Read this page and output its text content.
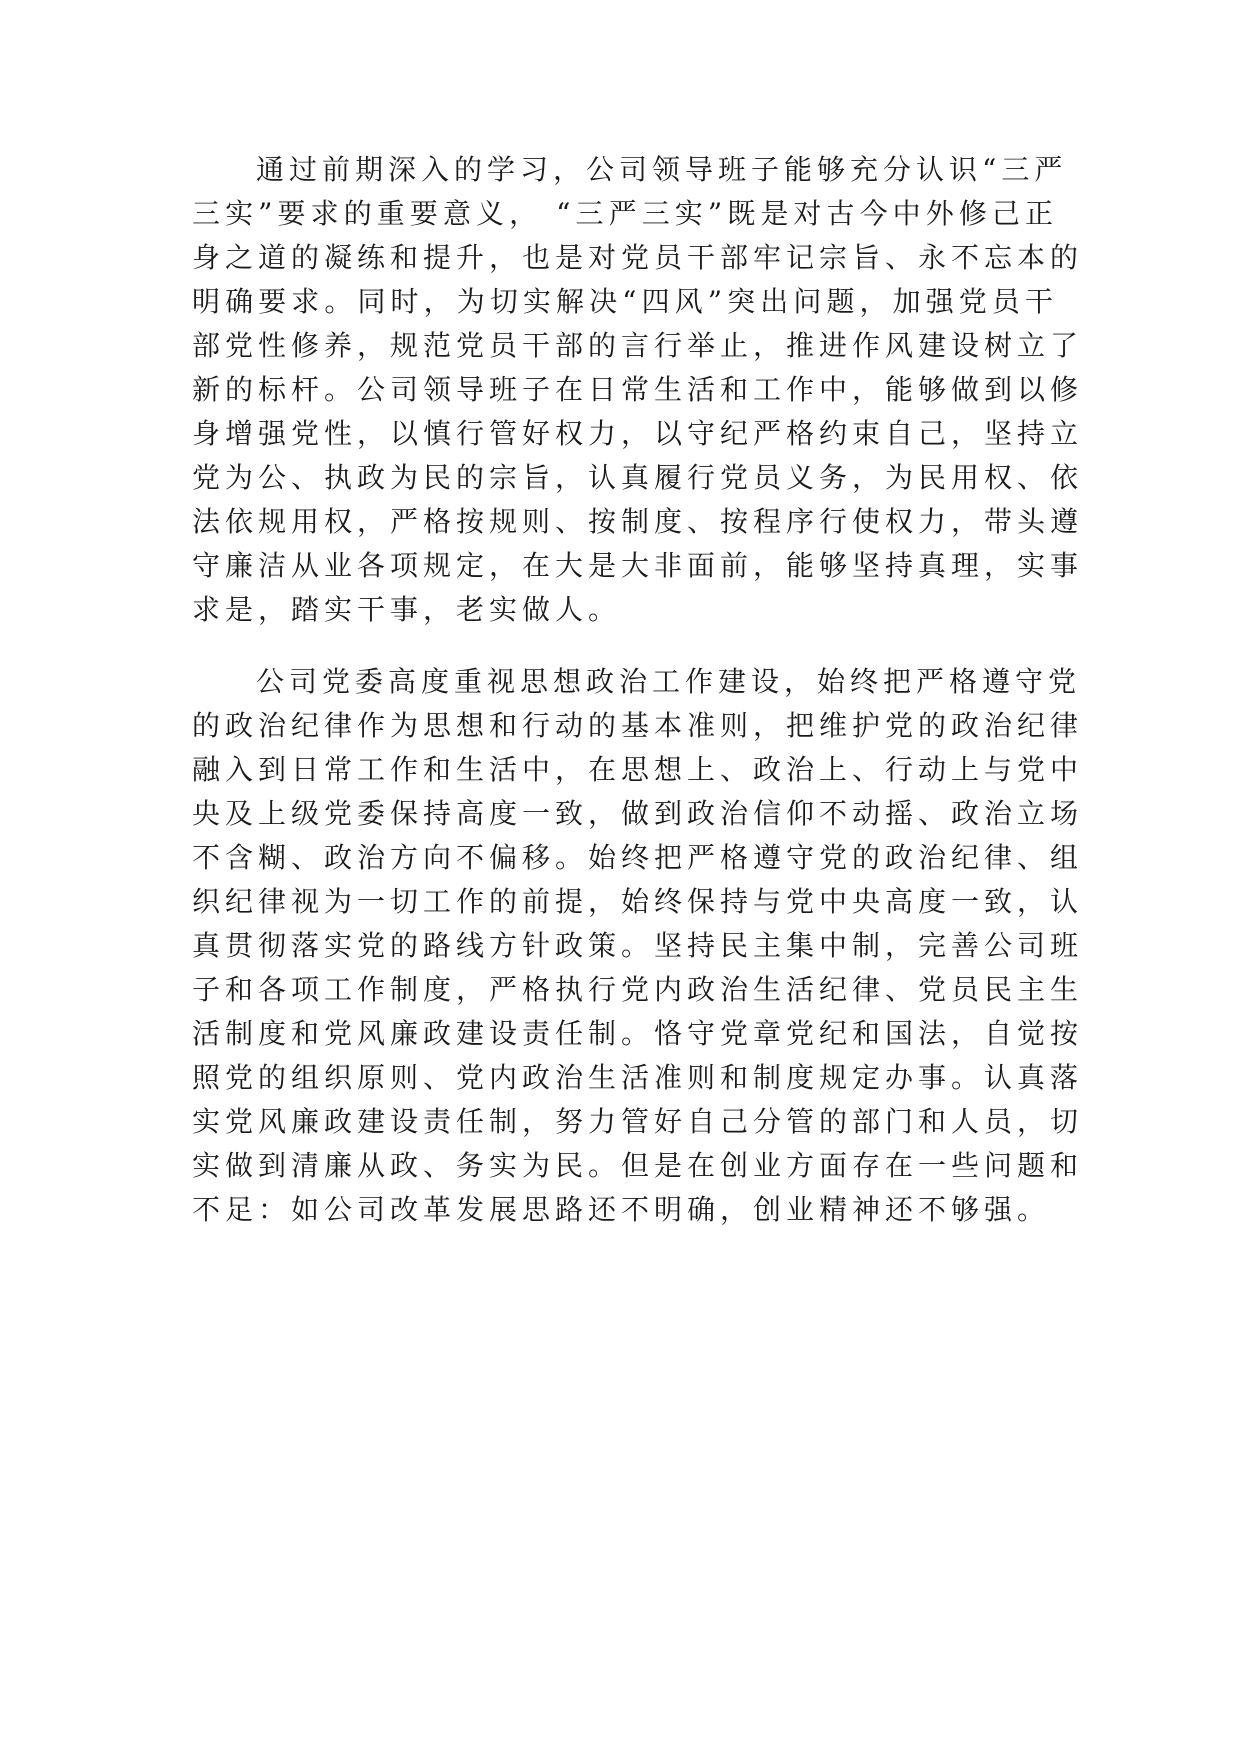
通过前期深入的学习，公司领导班子能够充分认识“三严
三实”要求的重要意义， “三严三实”既是对古今中外修己正
身之道的凝练和提升，也是对党员干部牢记宗旨、永不忘本的
明确要求。同时，为切实解决“四风”突出问题，加强党员干
部党性修养，规范党员干部的言行举止，推进作风建设树立了
新的标杆。公司领导班子在日常生活和工作中，能够做到以修
身增强党性，以慎行管好权力，以守纪严格约束自己，坚持立
党为公、执政为民的宗旨，认真履行党员义务，为民用权、依
法依规用权，严格按规则、按制度、按程序行使权力，带头遵
守廉洁从业各项规定，在大是大非面前，能够坚持真理，实事
求是，踏实干事，老实做人。
公司党委高度重视思想政治工作建设，始终把严格遵守党
的政治纪律作为思想和行动的基本准则，把维护党的政治纪律
融入到日常工作和生活中，在思想上、政治上、行动上与党中
央及上级党委保持高度一致，做到政治信仰不动摇、政治立场
不含糊、政治方向不偏移。始终把严格遵守党的政治纪律、组
织纪律视为一切工作的前提，始终保持与党中央高度一致，认
真贯彻落实党的路线方针政策。坚持民主集中制，完善公司班
子和各项工作制度，严格执行党内政治生活纪律、党员民主生
活制度和党风廉政建设责任制。恪守党章党纪和国法，自觉按
照党的组织原则、党内政治生活准则和制度规定办事。认真落
实党风廉政建设责任制，努力管好自己分管的部门和人员，切
实做到清廉从政、务实为民。但是在创业方面存在一些问题和
不足：如公司改革发展思路还不明确，创业精神还不够强。
